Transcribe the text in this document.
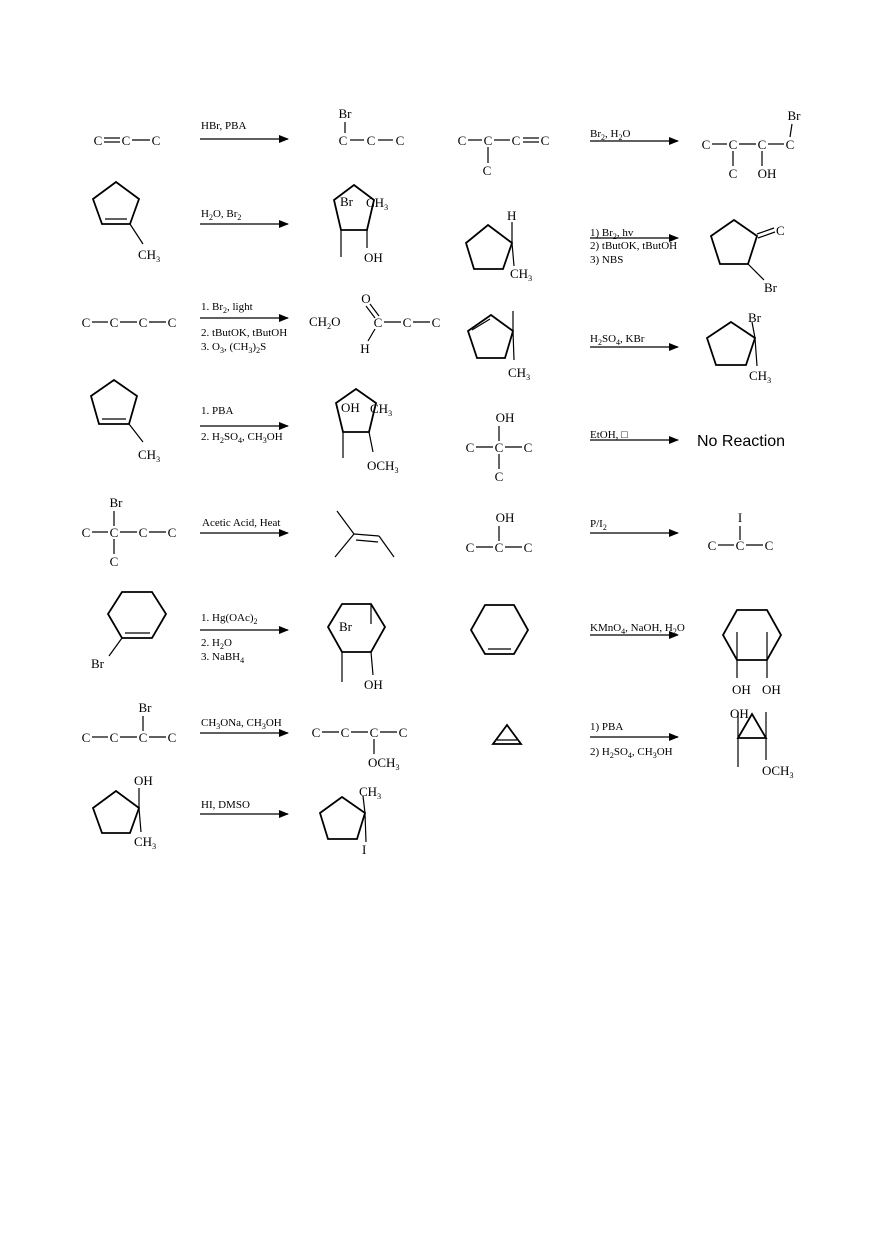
C C C
HBr, PBA
Br
C C C	C C C C
C
$Br_2$, $H_2O$
Br
C C C C
C OH
$CH_3$
$H_2O$, $Br_2$
Br $CH_3$
OH
H
$CH_3$
1) $Br_2$, hv
2) tButOK, tButOH
3) NBS
C
Br
C C C C
1. $Br_2$, light
2. tButOK, tButOH
3. $O_3$, $(CH_3)_2S$
$CH_2O$
O
C C C
H
$CH_3$
$H_2SO_4$, KBr
Br
$CH_3$
$CH_3$
1. PBA
2. $H_2SO_4$, $CH_3OH$
OH $CH_3$
$OCH_3$
OH
C C C
C
EtOH, □	No Reaction
Br
C C C C
C
Acetic Acid, Heat	OH
C C C
$P/I_2$
I
C C C
Br
1. $Hg(OAc)_2$
2. $H_2O$
3. NaBH$_4$
Br
OH
KMnO$_4$, NaOH, $H_2O$
OH OH
Br
C C C C
$CH_3ONa$, $CH_3OH$
C C C C
$OCH_3$
1) PBA
2) $H_2SO_4$, $CH_3OH$
OH
$OCH_3$
OH
$CH_3$
HI, DMSO
$CH_3$
I
